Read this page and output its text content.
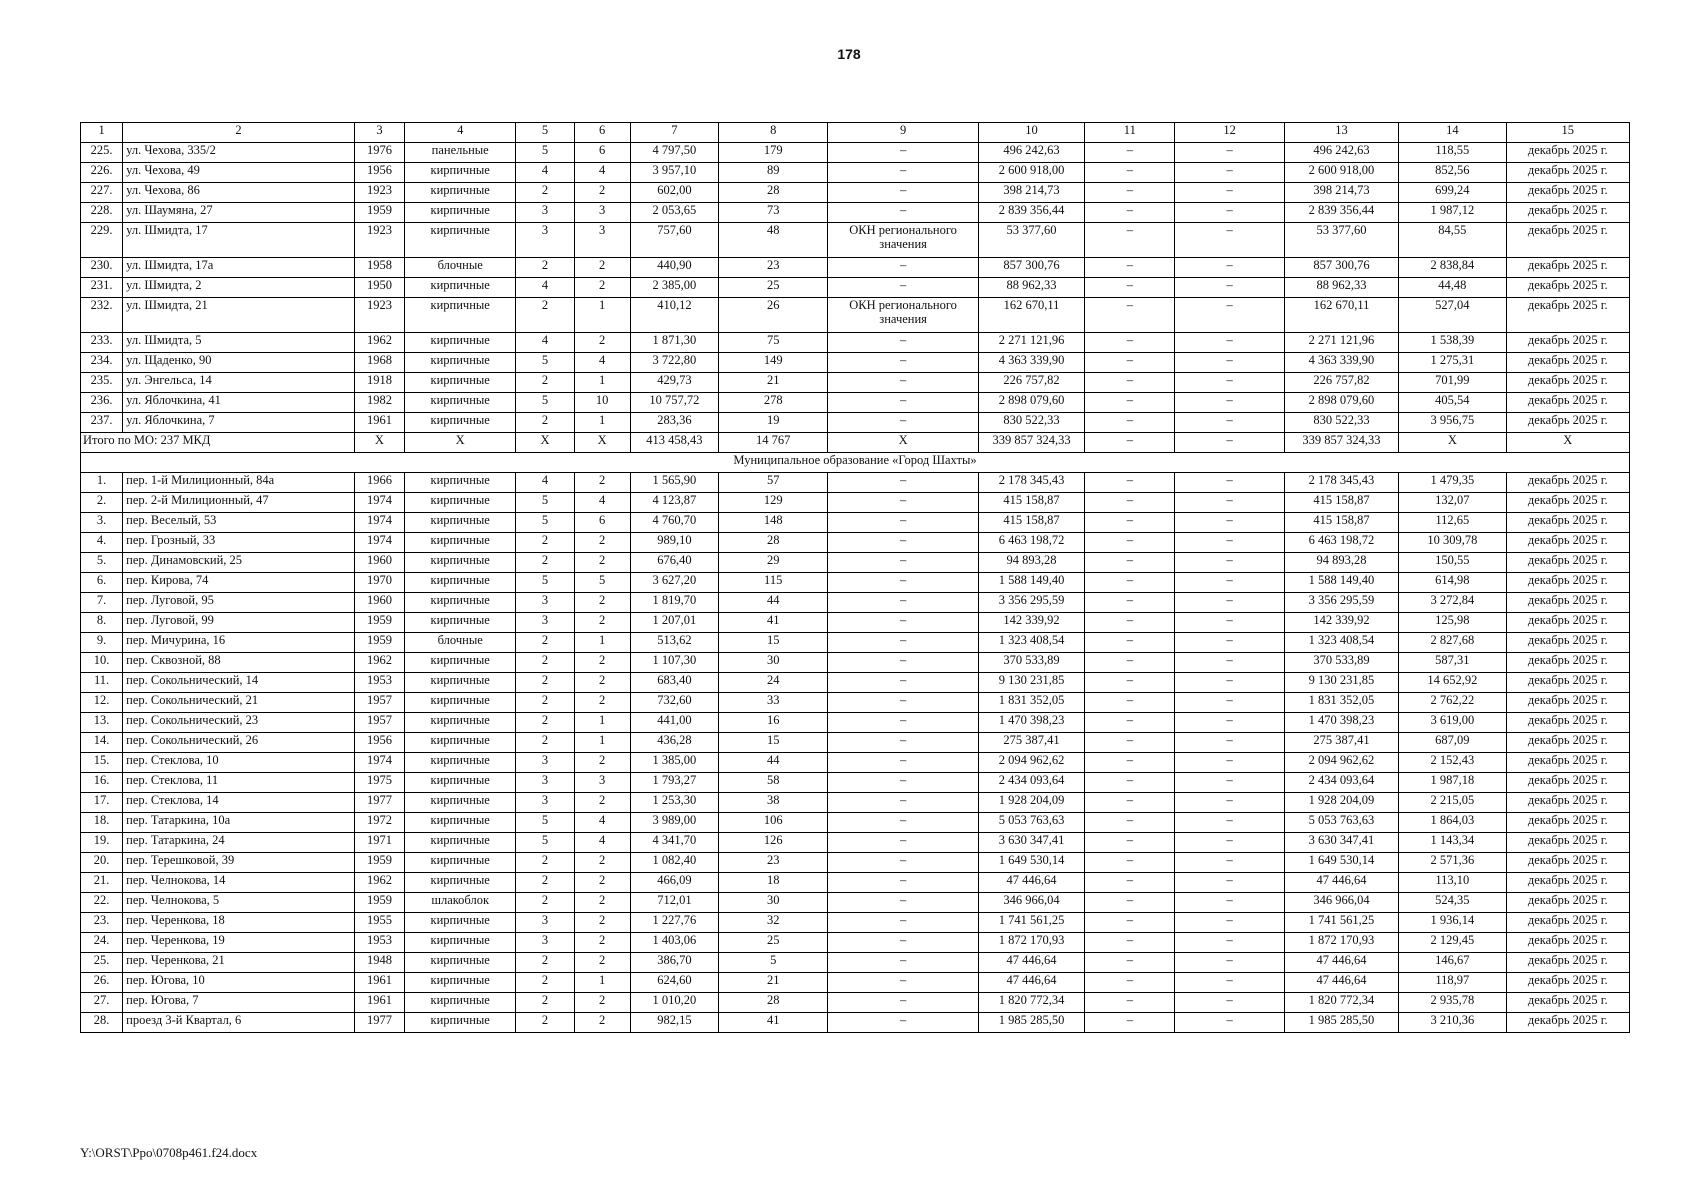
178
1	2	3	4	5	6	7	8	9	10	11	12	13	14	15
225.	ул. Чехова, 335/2	1976	панельные	5	6	4 797,50	179	–	496 242,63	–	–	496 242,63	118,55	декабрь 2025 г.
226.	ул. Чехова, 49	1956	кирпичные	4	4	3 957,10	89	–	2 600 918,00	–	–	2 600 918,00	852,56	декабрь 2025 г.
227.	ул. Чехова, 86	1923	кирпичные	2	2	602,00	28	–	398 214,73	–	–	398 214,73	699,24	декабрь 2025 г.
228.	ул. Шаумяна, 27	1959	кирпичные	3	3	2 053,65	73	–	2 839 356,44	–	–	2 839 356,44	1 987,12	декабрь 2025 г.
229.	ул. Шмидта, 17	1923	кирпичные	3	3	757,60	48	ОКН регионального значения	53 377,60	–	–	53 377,60	84,55	декабрь 2025 г.
230.	ул. Шмидта, 17а	1958	блочные	2	2	440,90	23	–	857 300,76	–	–	857 300,76	2 838,84	декабрь 2025 г.
231.	ул. Шмидта, 2	1950	кирпичные	4	2	2 385,00	25	–	88 962,33	–	–	88 962,33	44,48	декабрь 2025 г.
232.	ул. Шмидта, 21	1923	кирпичные	2	1	410,12	26	ОКН регионального значения	162 670,11	–	–	162 670,11	527,04	декабрь 2025 г.
233.	ул. Шмидта, 5	1962	кирпичные	4	2	1 871,30	75	–	2 271 121,96	–	–	2 271 121,96	1 538,39	декабрь 2025 г.
234.	ул. Щаденко, 90	1968	кирпичные	5	4	3 722,80	149	–	4 363 339,90	–	–	4 363 339,90	1 275,31	декабрь 2025 г.
235.	ул. Энгельса, 14	1918	кирпичные	2	1	429,73	21	–	226 757,82	–	–	226 757,82	701,99	декабрь 2025 г.
236.	ул. Яблочкина, 41	1982	кирпичные	5	10	10 757,72	278	–	2 898 079,60	–	–	2 898 079,60	405,54	декабрь 2025 г.
237.	ул. Яблочкина, 7	1961	кирпичные	2	1	283,36	19	–	830 522,33	–	–	830 522,33	3 956,75	декабрь 2025 г.
Итого по МО: 237 МКД		Х	Х	Х	Х	413 458,43	14 767	Х	339 857 324,33	–	–	339 857 324,33	Х	Х
Муниципальное образование «Город Шахты»														
1.	пер. 1-й Милиционный, 84а	1966	кирпичные	4	2	1 565,90	57	–	2 178 345,43	–	–	2 178 345,43	1 479,35	декабрь 2025 г.
2.	пер. 2-й Милиционный, 47	1974	кирпичные	5	4	4 123,87	129	–	415 158,87	–	–	415 158,87	132,07	декабрь 2025 г.
3.	пер. Веселый, 53	1974	кирпичные	5	6	4 760,70	148	–	415 158,87	–	–	415 158,87	112,65	декабрь 2025 г.
4.	пер. Грозный, 33	1974	кирпичные	2	2	989,10	28	–	6 463 198,72	–	–	6 463 198,72	10 309,78	декабрь 2025 г.
5.	пер. Динамовский, 25	1960	кирпичные	2	2	676,40	29	–	94 893,28	–	–	94 893,28	150,55	декабрь 2025 г.
6.	пер. Кирова, 74	1970	кирпичные	5	5	3 627,20	115	–	1 588 149,40	–	–	1 588 149,40	614,98	декабрь 2025 г.
7.	пер. Луговой, 95	1960	кирпичные	3	2	1 819,70	44	–	3 356 295,59	–	–	3 356 295,59	3 272,84	декабрь 2025 г.
8.	пер. Луговой, 99	1959	кирпичные	3	2	1 207,01	41	–	142 339,92	–	–	142 339,92	125,98	декабрь 2025 г.
9.	пер. Мичурина, 16	1959	блочные	2	1	513,62	15	–	1 323 408,54	–	–	1 323 408,54	2 827,68	декабрь 2025 г.
10.	пер. Сквозной, 88	1962	кирпичные	2	2	1 107,30	30	–	370 533,89	–	–	370 533,89	587,31	декабрь 2025 г.
11.	пер. Сокольнический, 14	1953	кирпичные	2	2	683,40	24	–	9 130 231,85	–	–	9 130 231,85	14 652,92	декабрь 2025 г.
12.	пер. Сокольнический, 21	1957	кирпичные	2	2	732,60	33	–	1 831 352,05	–	–	1 831 352,05	2 762,22	декабрь 2025 г.
13.	пер. Сокольнический, 23	1957	кирпичные	2	1	441,00	16	–	1 470 398,23	–	–	1 470 398,23	3 619,00	декабрь 2025 г.
14.	пер. Сокольнический, 26	1956	кирпичные	2	1	436,28	15	–	275 387,41	–	–	275 387,41	687,09	декабрь 2025 г.
15.	пер. Стеклова, 10	1974	кирпичные	3	2	1 385,00	44	–	2 094 962,62	–	–	2 094 962,62	2 152,43	декабрь 2025 г.
16.	пер. Стеклова, 11	1975	кирпичные	3	3	1 793,27	58	–	2 434 093,64	–	–	2 434 093,64	1 987,18	декабрь 2025 г.
17.	пер. Стеклова, 14	1977	кирпичные	3	2	1 253,30	38	–	1 928 204,09	–	–	1 928 204,09	2 215,05	декабрь 2025 г.
18.	пер. Татаркина, 10а	1972	кирпичные	5	4	3 989,00	106	–	5 053 763,63	–	–	5 053 763,63	1 864,03	декабрь 2025 г.
19.	пер. Татаркина, 24	1971	кирпичные	5	4	4 341,70	126	–	3 630 347,41	–	–	3 630 347,41	1 143,34	декабрь 2025 г.
20.	пер. Терешковой, 39	1959	кирпичные	2	2	1 082,40	23	–	1 649 530,14	–	–	1 649 530,14	2 571,36	декабрь 2025 г.
21.	пер. Челнокова, 14	1962	кирпичные	2	2	466,09	18	–	47 446,64	–	–	47 446,64	113,10	декабрь 2025 г.
22.	пер. Челнокова, 5	1959	шлакоблок	2	2	712,01	30	–	346 966,04	–	–	346 966,04	524,35	декабрь 2025 г.
23.	пер. Черенкова, 18	1955	кирпичные	3	2	1 227,76	32	–	1 741 561,25	–	–	1 741 561,25	1 936,14	декабрь 2025 г.
24.	пер. Черенкова, 19	1953	кирпичные	3	2	1 403,06	25	–	1 872 170,93	–	–	1 872 170,93	2 129,45	декабрь 2025 г.
25.	пер. Черенкова, 21	1948	кирпичные	2	2	386,70	5	–	47 446,64	–	–	47 446,64	146,67	декабрь 2025 г.
26.	пер. Югова, 10	1961	кирпичные	2	1	624,60	21	–	47 446,64	–	–	47 446,64	118,97	декабрь 2025 г.
27.	пер. Югова, 7	1961	кирпичные	2	2	1 010,20	28	–	1 820 772,34	–	–	1 820 772,34	2 935,78	декабрь 2025 г.
28.	проезд 3-й Квартал, 6	1977	кирпичные	2	2	982,15	41	–	1 985 285,50	–	–	1 985 285,50	3 210,36	декабрь 2025 г.
Y:\ORST\Ppo\0708p461.f24.docx
